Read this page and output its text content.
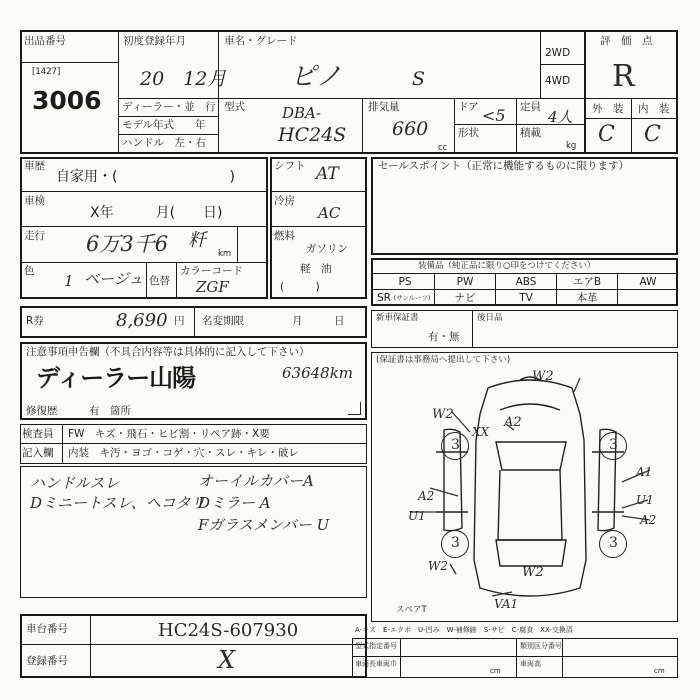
出品番号
[1427]
3006
初度登録年月
20　12月
ディーラー・並　行
モデル年式　　年
ハンドル　左・右
車名・グレード
ピノ	S
2WD
4WD
型式 DBA-
HC24S
排気量
660
cc
ドア <5
形状
定員
4人
積載
kg
評　価　点
R
外　装 内　装
C C
車歴
自家用・(　　　　　　　　)
車検
X年　　　月(　　日)
走行 6万3千6 粁
km
色
1 ベージュ 色替
カラーコード
ZGF
シフト AT
冷房
AC
燃料
ガソリン
軽　油
(　　　)
セールスポイント（正常に機能するものに限ります）
装備品（純正品に限り○印をつけてください）
PS	PW	ABS	エアB	AW
SR (サンルーフ)	ナビ	TV	本革
R券	8,690 円 名変期限	月　　　日	新車保証書
有・無
後日品
注意事項申告欄（不具合内容等は具体的に記入して下さい）
ディーラー山陽	63648km
修復歴　　　有　箇所
検査員
記入欄
FW　キズ・飛石・ヒビ割・リペア跡・X要
内装　キ汚・ヨゴ・コゲ・穴・スレ・キレ・破レ
ハンドルスレ
Dミニートスレ、ヘコタリ
オーイルカバーA
Dミラー A
Fガラスメンバー U
(保証書は事務局へ提出して下さい)
W2
XX
A2
W2
3	3
A2
U1
A1
U1
A2
3	3
W2	W2
VA1
スペアT
車台番号	HC24S-607930
登録番号	X
A-キズ　E-エクボ　U-凹み　W-補修跡　S-サビ　C-腐食　XX-交換済
型式指定番号	類別区分番号
車両長車両巾
cm
車両高
cm
